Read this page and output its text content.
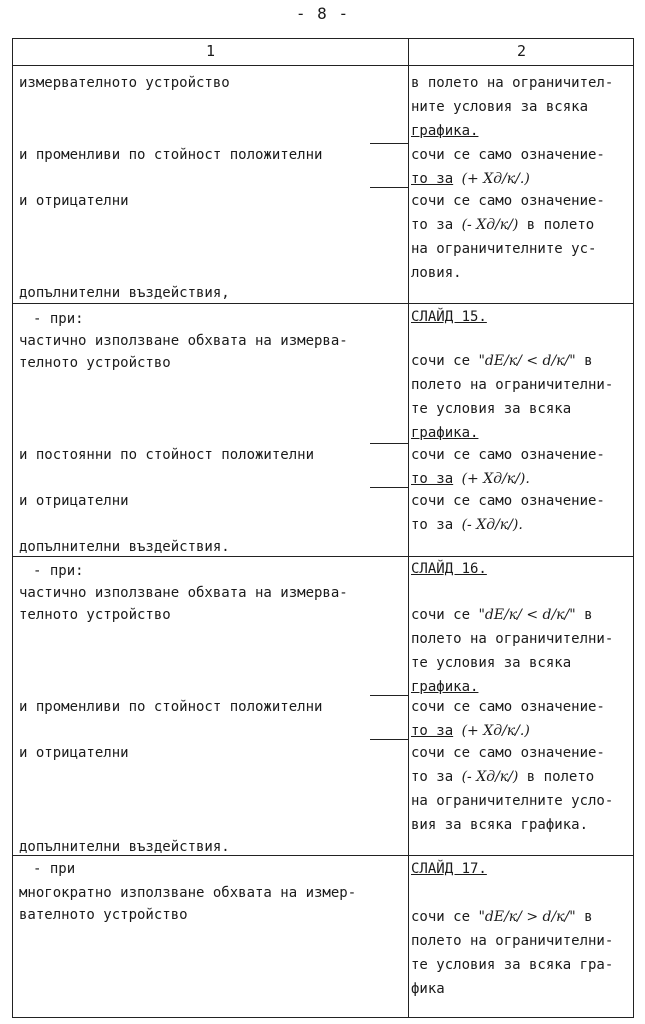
- 8 -
1	2
измервателното устройство
и променливи по стойност положителни
и отрицателни
допълнителни въздействия,
в полето на ограничител-
ните условия за всяка
графика.
сочи се само означение-
то за (+ Хд/к/.)
сочи се само означение-
то за (- Хд/к/) в полето
на ограничителните ус-
ловия.
- при:
частично използване обхвата на измерва-
телното устройство
и постоянни по стойност положителни
и отрицателни
допълнителни въздействия.
СЛАЙД 15.
сочи се "dЕ/к/ < d/к/" в
полето на ограничителни-
те условия за всяка
графика.
сочи се само означение-
то за (+ Хд/к/).
сочи се само означение-
то за (- Хд/к/).
- при:
частично използване обхвата на измерва-
телното устройство
и променливи по стойност положителни
и отрицателни
допълнителни въздействия.
СЛАЙД 16.
сочи се "dЕ/к/ < d/к/" в
полето на ограничителни-
те условия за всяка
графика.
сочи се само означение-
то за (+ Хд/к/.)
сочи се само означение-
то за (- Хд/к/) в полето
на ограничителните усло-
вия за всяка графика.
- при
многократно използване обхвата на измер-
вателното устройство
СЛАЙД 17.
сочи се "dЕ/к/ > d/к/" в
полето на ограничителни-
те условия за всяка гра-
фика
